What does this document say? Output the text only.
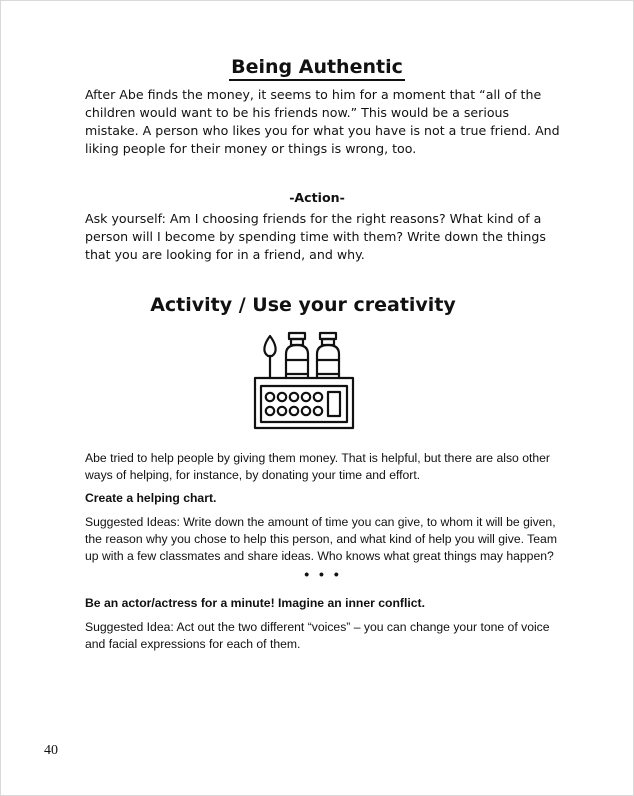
Being Authentic

After Abe finds the money, it seems to him for a moment that “all of the children would want to be his friends now.” This would be a serious mistake. A person who likes you for what you have is not a true friend. And liking people for their money or things is wrong, too.

-Action-

Ask yourself: Am I choosing friends for the right reasons? What kind of a person will I become by spending time with them? Write down the things that you are looking for in a friend, and why.

Activity / Use your creativity

Abe tried to help people by giving them money. That is helpful, but there are also other ways of helping, for instance, by donating your time and effort.

Create a helping chart.

Suggested Ideas: Write down the amount of time you can give, to whom it will be given, the reason why you chose to help this person, and what kind of help you will give. Team up with a few classmates and share ideas. Who knows what great things may happen?

• • •

Be an actor/actress for a minute! Imagine an inner conflict.

Suggested Idea: Act out the two different “voices” – you can change your tone of voice and facial expressions for each of them.

40
